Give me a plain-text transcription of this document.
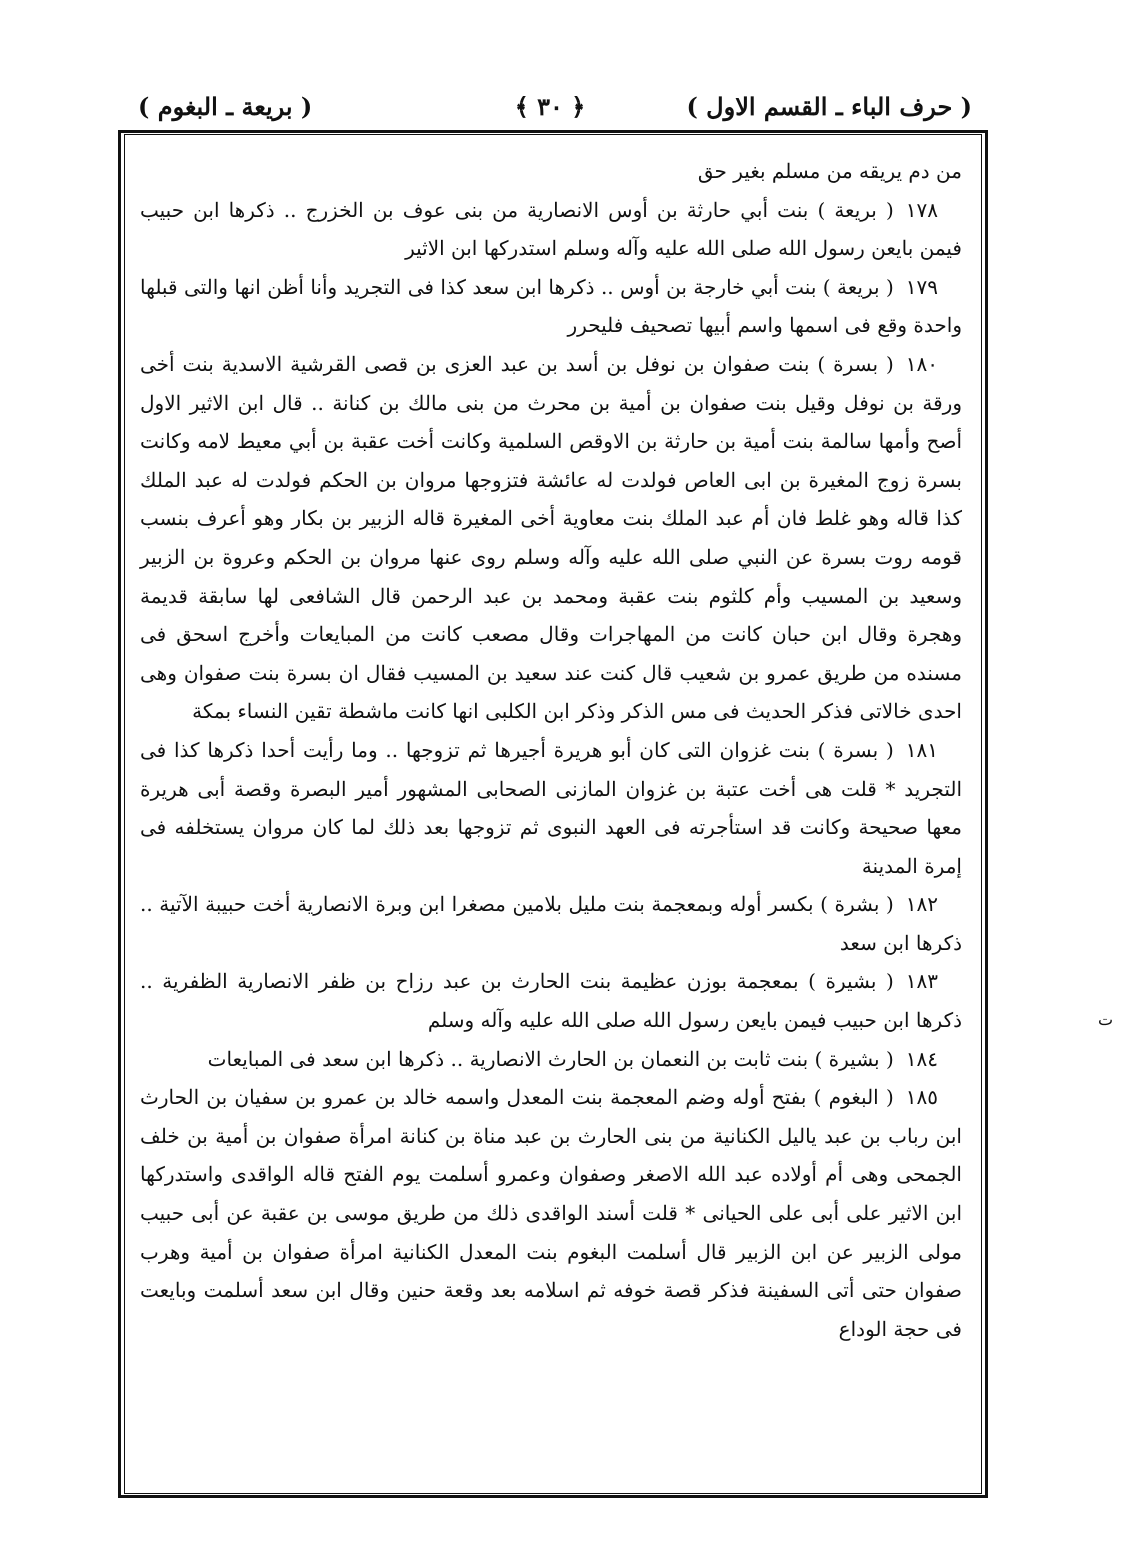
( حرف الباء ـ القسم الاول )
﴿ ٣٠ ﴾
( بريعة ـ البغوم )

من دم يريقه من مسلم بغير حق

١٧٨( بريعة ) بنت أبي حارثة بن أوس الانصارية من بنى عوف بن الخزرج .. ذكرها ابن حبيب فيمن بايعن رسول الله صلى الله عليه وآله وسلم استدركها ابن الاثير

١٧٩( بريعة ) بنت أبي خارجة بن أوس .. ذكرها ابن سعد كذا فى التجريد وأنا أظن انها والتى قبلها واحدة وقع فى اسمها واسم أبيها تصحيف فليحرر

١٨٠( بسرة ) بنت صفوان بن نوفل بن أسد بن عبد العزى بن قصى القرشية الاسدية بنت أخى ورقة بن نوفل وقيل بنت صفوان بن أمية بن محرث من بنى مالك بن كنانة .. قال ابن الاثير الاول أصح وأمها سالمة بنت أمية بن حارثة بن الاوقص السلمية وكانت أخت عقبة بن أبي معيط لامه وكانت بسرة زوج المغيرة بن ابى العاص فولدت له عائشة فتزوجها مروان بن الحكم فولدت له عبد الملك كذا قاله وهو غلط فان أم عبد الملك بنت معاوية أخى المغيرة قاله الزبير بن بكار وهو أعرف بنسب قومه روت بسرة عن النبي صلى الله عليه وآله وسلم روى عنها مروان بن الحكم وعروة بن الزبير وسعيد بن المسيب وأم كلثوم بنت عقبة ومحمد بن عبد الرحمن قال الشافعى لها سابقة قديمة وهجرة وقال ابن حبان كانت من المهاجرات وقال مصعب كانت من المبايعات وأخرج اسحق فى مسنده من طريق عمرو بن شعيب قال كنت عند سعيد بن المسيب فقال ان بسرة بنت صفوان وهى احدى خالاتى فذكر الحديث فى مس الذكر وذكر ابن الكلبى انها كانت ماشطة تقين النساء بمكة

١٨١( بسرة ) بنت غزوان التى كان أبو هريرة أجيرها ثم تزوجها .. وما رأيت أحدا ذكرها كذا فى التجريد * قلت هى أخت عتبة بن غزوان المازنى الصحابى المشهور أمير البصرة وقصة أبى هريرة معها صحيحة وكانت قد استأجرته فى العهد النبوى ثم تزوجها بعد ذلك لما كان مروان يستخلفه فى إمرة المدينة

١٨٢( بشرة ) بكسر أوله وبمعجمة بنت مليل بلامين مصغرا ابن وبرة الانصارية أخت حبيبة الآتية .. ذكرها ابن سعد

١٨٣( بشيرة ) بمعجمة بوزن عظيمة بنت الحارث بن عبد رزاح بن ظفر الانصارية الظفرية .. ذكرها ابن حبيب فيمن بايعن رسول الله صلى الله عليه وآله وسلم

١٨٤( بشيرة ) بنت ثابت بن النعمان بن الحارث الانصارية .. ذكرها ابن سعد فى المبايعات

١٨٥( البغوم ) بفتح أوله وضم المعجمة بنت المعدل واسمه خالد بن عمرو بن سفيان بن الحارث ابن رباب بن عبد ياليل الكنانية من بنى الحارث بن عبد مناة بن كنانة امرأة صفوان بن أمية بن خلف الجمحى وهى أم أولاده عبد الله الاصغر وصفوان وعمرو أسلمت يوم الفتح قاله الواقدى واستدركها ابن الاثير على أبى على الحيانى * قلت أسند الواقدى ذلك من طريق موسى بن عقبة عن أبى حبيب مولى الزبير عن ابن الزبير قال أسلمت البغوم بنت المعدل الكنانية امرأة صفوان بن أمية وهرب صفوان حتى أتى السفينة فذكر قصة خوفه ثم اسلامه بعد وقعة حنين وقال ابن سعد أسلمت وبايعت فى حجة الوداع

ت
